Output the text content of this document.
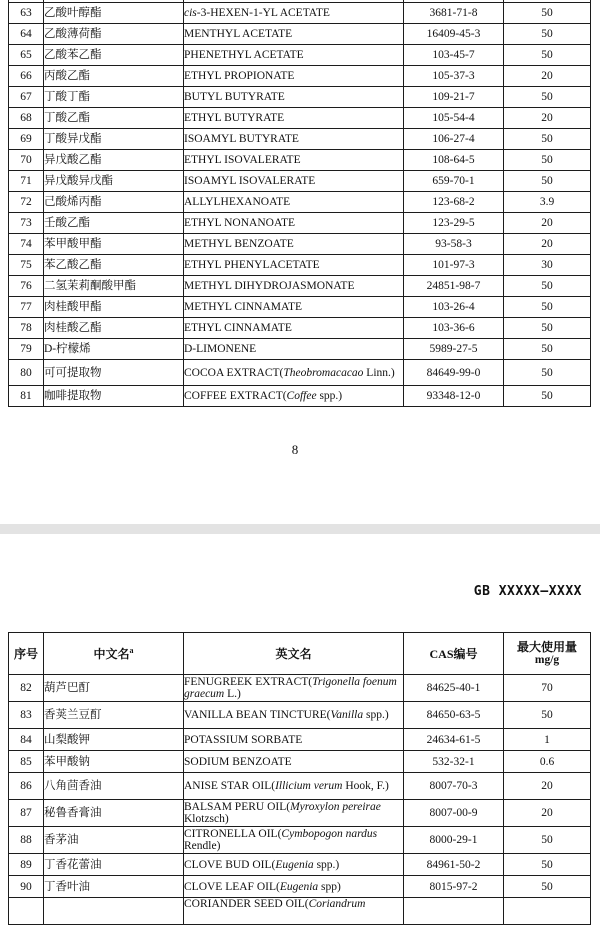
63	乙酸叶醇酯	cis-3-HEXEN-1-YL ACETATE	3681-71-8	50
64	乙酸薄荷酯	MENTHYL ACETATE	16409-45-3	50
65	乙酸苯乙酯	PHENETHYL ACETATE	103-45-7	50
66	丙酸乙酯	ETHYL PROPIONATE	105-37-3	20
67	丁酸丁酯	BUTYL BUTYRATE	109-21-7	50
68	丁酸乙酯	ETHYL BUTYRATE	105-54-4	20
69	丁酸异戊酯	ISOAMYL BUTYRATE	106-27-4	50
70	异戊酸乙酯	ETHYL ISOVALERATE	108-64-5	50
71	异戊酸异戊酯	ISOAMYL ISOVALERATE	659-70-1	50
72	己酸烯丙酯	ALLYLHEXANOATE	123-68-2	3.9
73	壬酸乙酯	ETHYL NONANOATE	123-29-5	20
74	苯甲酸甲酯	METHYL BENZOATE	93-58-3	20
75	苯乙酸乙酯	ETHYL PHENYLACETATE	101-97-3	30
76	二氢茉莉酮酸甲酯	METHYL DIHYDROJASMONATE	24851-98-7	50
77	肉桂酸甲酯	METHYL CINNAMATE	103-26-4	50
78	肉桂酸乙酯	ETHYL CINNAMATE	103-36-6	50
79	D-柠檬烯	D-LIMONENE	5989-27-5	50
80	可可提取物	COCOA EXTRACT(Theobromacacao Linn.)	84649-99-0	50
81	咖啡提取物	COFFEE EXTRACT(Coffee spp.)	93348-12-0	50
8
GB XXXXX—XXXX
序号	中文名$^a$	英文名	CAS编号	最大使用量
mg/g

82	葫芦巴酊	FENUGREEK EXTRACT(Trigonella foenum graecum L.)	84625-40-1	70
83	香荚兰豆酊	VANILLA BEAN TINCTURE(Vanilla spp.)	84650-63-5	50
84	山梨酸钾	POTASSIUM SORBATE	24634-61-5	1
85	苯甲酸钠	SODIUM BENZOATE	532-32-1	0.6
86	八角茴香油	ANISE STAR OIL(Illicium verum Hook, F.)	8007-70-3	20
87	秘鲁香膏油	BALSAM PERU OIL(Myroxylon pereirae Klotzsch)	8007-00-9	20
88	香茅油	CITRONELLA OIL(Cymbopogon nardus Rendle)	8000-29-1	50
89	丁香花蕾油	CLOVE BUD OIL(Eugenia spp.)	84961-50-2	50
90	丁香叶油	CLOVE LEAF OIL(Eugenia spp)	8015-97-2	50
		CORIANDER SEED OIL(Coriandrum		
